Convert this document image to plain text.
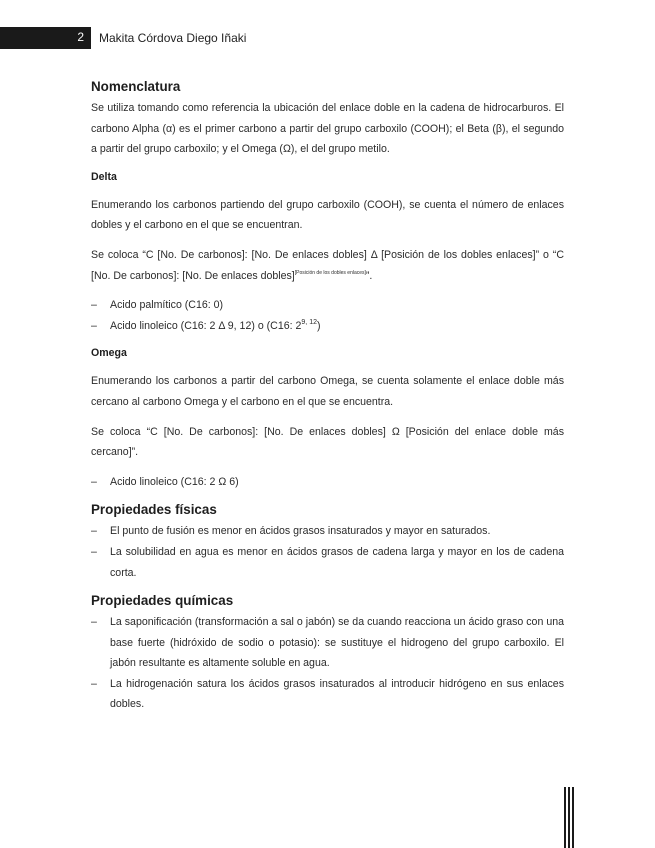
2 Makita Córdova Diego Iñaki
Nomenclatura

Se utiliza tomando como referencia la ubicación del enlace doble en la cadena de hidrocarburos. El carbono Alpha (α) es el primer carbono a partir del grupo carboxilo (COOH); el Beta (β), el segundo a partir del grupo carboxilo; y el Omega (Ω), el del grupo metilo.

Delta

Enumerando los carbonos partiendo del grupo carboxilo (COOH), se cuenta el número de enlaces dobles y el carbono en el que se encuentran.

Se coloca “C [No. De carbonos]: [No. De enlaces dobles] Δ [Posición de los dobles enlaces]” o “C [No. De carbonos]: [No. De enlaces dobles][Posición de los dobles enlaces]”.

– Acido palmítico (C16: 0)
– Acido linoleico (C16: 2 Δ 9, 12) o (C16: 2$^{9, 12}$)
Omega

Enumerando los carbonos a partir del carbono Omega, se cuenta solamente el enlace doble más cercano al carbono Omega y el carbono en el que se encuentra.

Se coloca “C [No. De carbonos]: [No. De enlaces dobles] Ω [Posición del enlace doble más cercano]”.

– Acido linoleico (C16: 2 Ω 6)
Propiedades físicas
– El punto de fusión es menor en ácidos grasos insaturados y mayor en saturados.
– La solubilidad en agua es menor en ácidos grasos de cadena larga y mayor en los de cadena corta.
Propiedades químicas
– La saponificación (transformación a sal o jabón) se da cuando reacciona un ácido graso con una base fuerte (hidróxido de sodio o potasio): se sustituye el hidrogeno del grupo carboxilo. El jabón resultante es altamente soluble en agua.
– La hidrogenación satura los ácidos grasos insaturados al introducir hidrógeno en sus enlaces dobles.
